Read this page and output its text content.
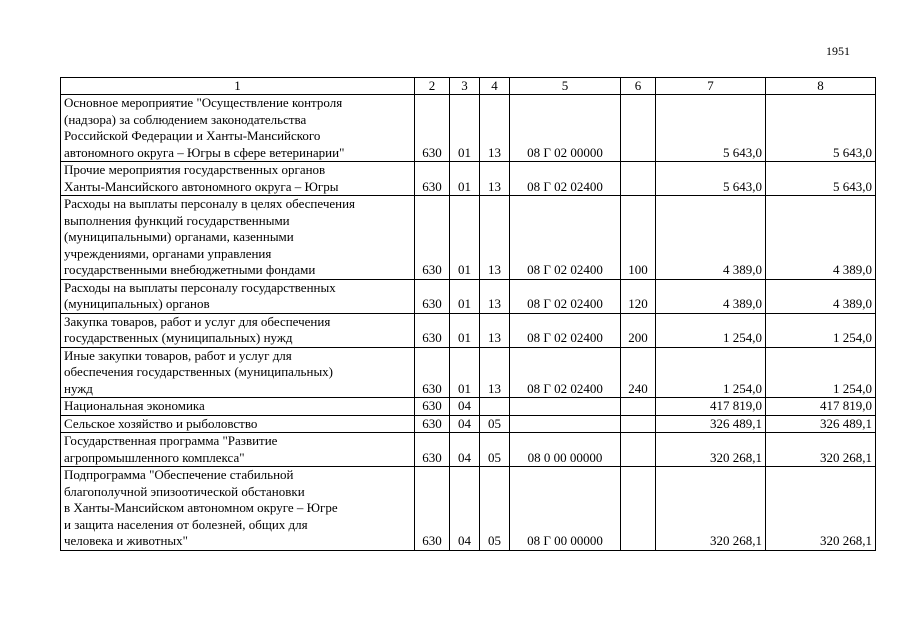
1951
1	2	3	4	5	6	7	8

Основное мероприятие "Осуществление контроля
(надзора) за соблюдением законодательства
Российской Федерации и Ханты-Мансийского
автономного округа – Югры в сфере ветеринарии"	630	01	13	08 Г 02 00000		5 643,0	5 643,0

Прочие мероприятия государственных органов
Ханты-Мансийского автономного округа – Югры	630	01	13	08 Г 02 02400		5 643,0	5 643,0

Расходы на выплаты персоналу в целях обеспечения
выполнения функций государственными
(муниципальными) органами, казенными
учреждениями, органами управления
государственными внебюджетными фондами	630	01	13	08 Г 02 02400	100	4 389,0	4 389,0

Расходы на выплаты персоналу государственных
(муниципальных) органов	630	01	13	08 Г 02 02400	120	4 389,0	4 389,0

Закупка товаров, работ и услуг для обеспечения
государственных (муниципальных) нужд	630	01	13	08 Г 02 02400	200	1 254,0	1 254,0

Иные закупки товаров, работ и услуг для
обеспечения государственных (муниципальных)
нужд	630	01	13	08 Г 02 02400	240	1 254,0	1 254,0

Национальная экономика	630	04				417 819,0	417 819,0

Сельское хозяйство и рыболовство	630	04	05			326 489,1	326 489,1

Государственная программа "Развитие
агропромышленного комплекса"	630	04	05	08 0 00 00000		320 268,1	320 268,1

Подпрограмма "Обеспечение стабильной
благополучной эпизоотической обстановки
в Ханты-Мансийском автономном округе – Югре
и защита населения от болезней, общих для
человека и животных"	630	04	05	08 Г 00 00000		320 268,1	320 268,1
